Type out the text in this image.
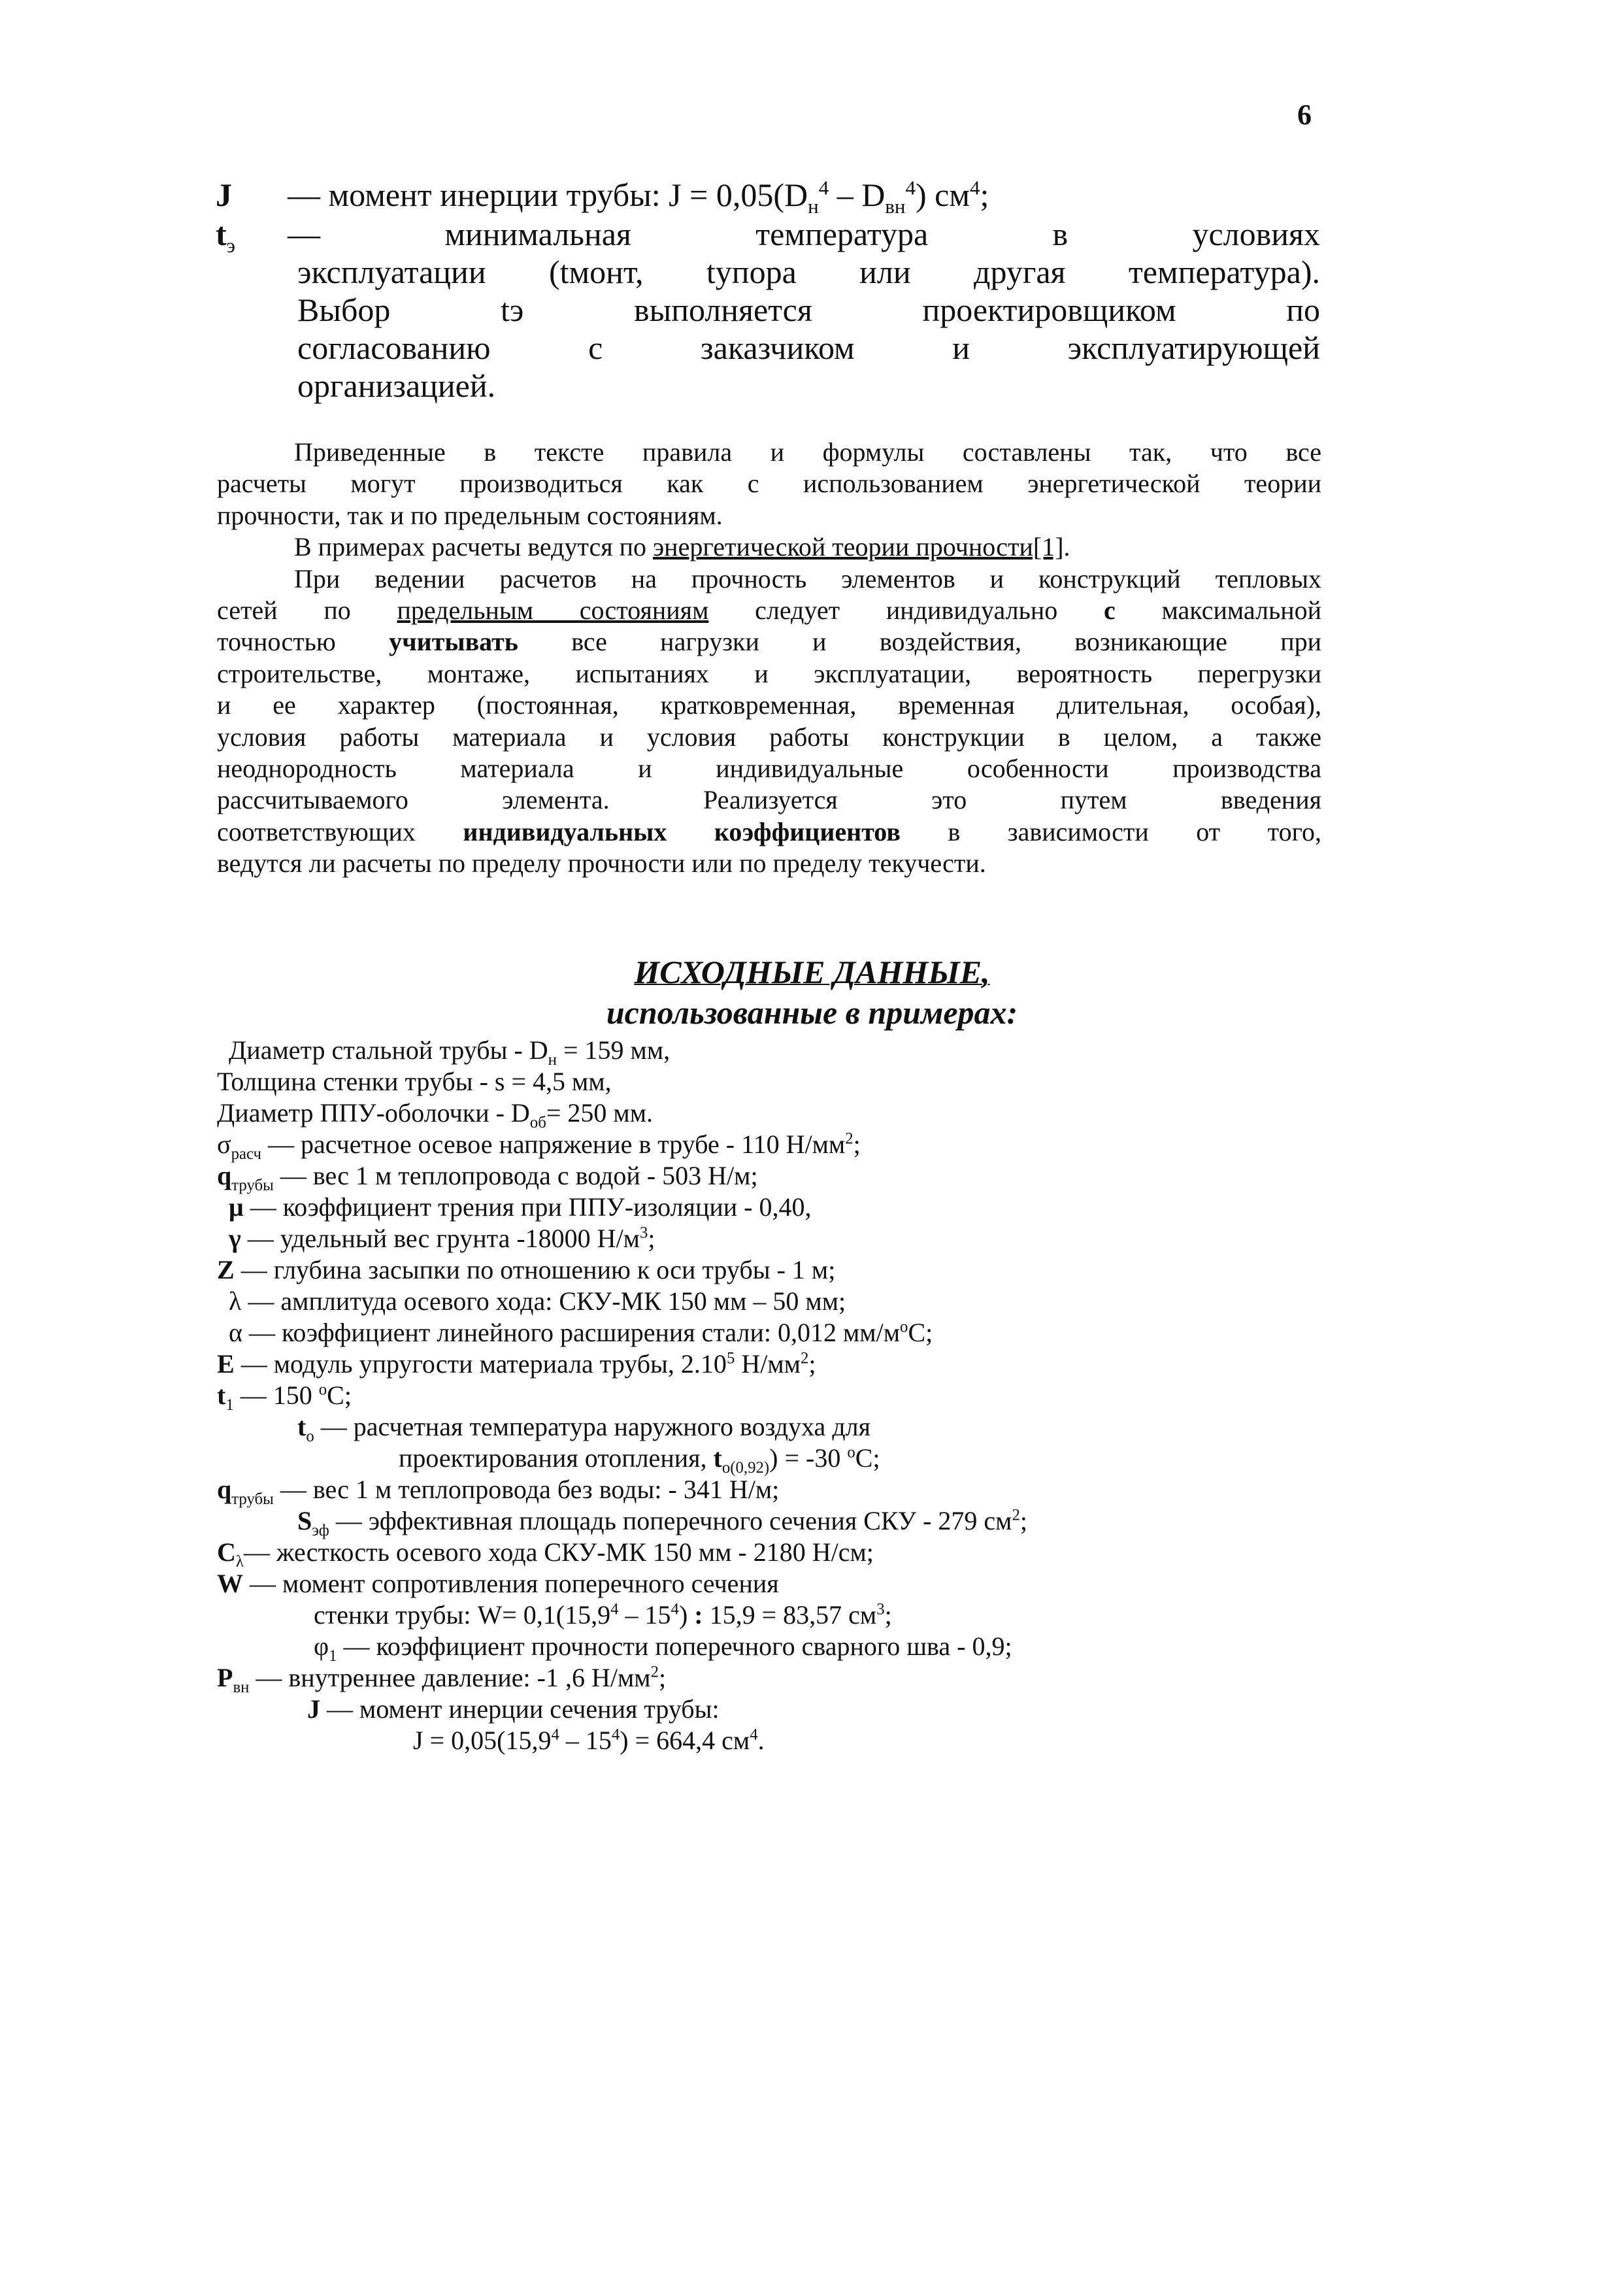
6
J — момент инерции трубы: $J = 0,05(D_н^4 - D_{вн}^4)$ $см^4$;
$t_э$ — минимальная температура в условиях
эксплуатации (tмонт, tупора или другая температура).
Выбор tэ выполняется проектировщиком по
согласованию с заказчиком и эксплуатирующей
организацией.
Приведенные в тексте правила и формулы составлены так, что все
расчеты могут производиться как с использованием энергетической теории
прочности, так и по предельным состояниям.
В примерах расчеты ведутся по энергетической теории прочности[1].
При ведении расчетов на прочность элементов и конструкций тепловых
сетей по предельным состояниям следует индивидуально с максимальной
точностью учитывать все нагрузки и воздействия, возникающие при
строительстве, монтаже, испытаниях и эксплуатации, вероятность перегрузки
и ее характер (постоянная, кратковременная, временная длительная, особая),
условия работы материала и условия работы конструкции в целом, а также
неоднородность материала и индивидуальные особенности производства
рассчитываемого элемента. Реализуется это путем введения
соответствующих индивидуальных коэффициентов в зависимости от того,
ведутся ли расчеты по пределу прочности или по пределу текучести.
ИСХОДНЫЕ ДАННЫЕ,
использованные в примерах:
Диаметр стальной трубы - $D_н = 159$ мм,
Толщина стенки трубы - s = 4,5 мм,
Диаметр ППУ-оболочки - $D_{об}= 250$ мм.
$\sigma_{расч}$ — расчетное осевое напряжение в трубе - 110 $Н/мм^2$;
$q_{трубы}$ — вес 1 м теплопровода с водой - 503 Н/м;
μ — коэффициент трения при ППУ-изоляции - 0,40,
γ — удельный вес грунта -18000 $Н/м^3$;
Z — глубина засыпки по отношению к оси трубы - 1 м;
λ — амплитуда осевого хода: СКУ-МК 150 мм – 50 мм;
α — коэффициент линейного расширения стали: 0,012 $мм/м^оС$;
E — модуль упругости материала трубы, 2.10$^5$ $Н/мм^2$;
$t_1$ — 150 $^о$С;
$t_о$ — расчетная температура наружного воздуха для
проектирования отопления, $t_{о(0,92)}) = -30$ $^о$С;
$q_{трубы}$ — вес 1 м теплопровода без воды: - 341 Н/м;
$S_{эф}$ — эффективная площадь поперечного сечения СКУ - 279 $см^2$;
$C_\lambda—$ жесткость осевого хода СКУ-МК 150 мм - 2180 Н/см;
W — момент сопротивления поперечного сечения
стенки трубы: $W= 0,1(15,9^4 - 15^4)$ : 15,9 = 83,57 $см^3$;
$\varphi_1$ — коэффициент прочности поперечного сварного шва - 0,9;
$P_{вн}$ — внутреннее давление: -1 ,6 $Н/мм^2$;
J — момент инерции сечения трубы:
$J = 0,05(15,9^4 - 15^4) = 664,4$ $см^4$.
